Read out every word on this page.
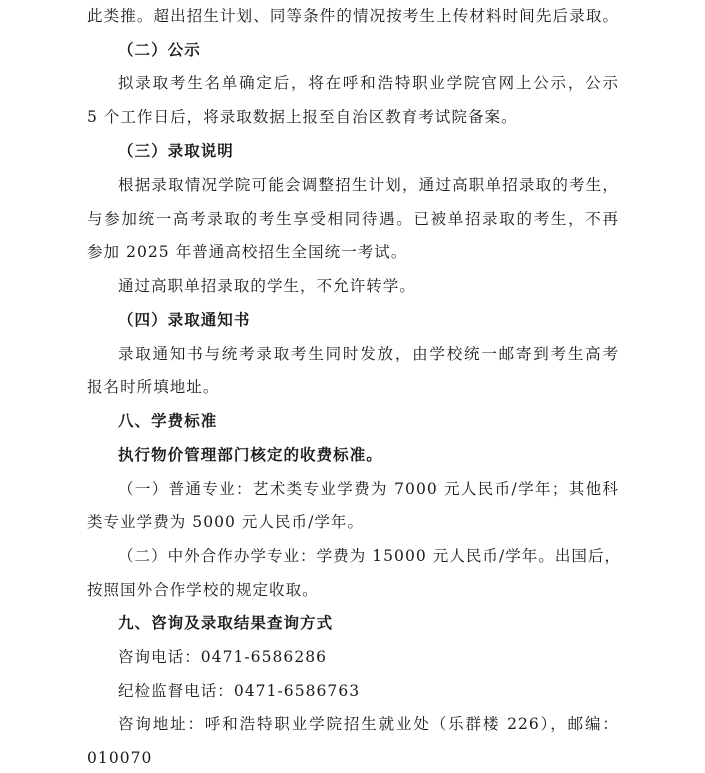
此类推。超出招生计划、同等条件的情况按考生上传材料时间先后录取。
（二）公示
拟录取考生名单确定后，将在呼和浩特职业学院官网上公示，公示
5 个工作日后，将录取数据上报至自治区教育考试院备案。
（三）录取说明
根据录取情况学院可能会调整招生计划，通过高职单招录取的考生，
与参加统一高考录取的考生享受相同待遇。已被单招录取的考生，不再
参加 2025 年普通高校招生全国统一考试。
通过高职单招录取的学生，不允许转学。
（四）录取通知书
录取通知书与统考录取考生同时发放，由学校统一邮寄到考生高考
报名时所填地址。
八、学费标准
执行物价管理部门核定的收费标准。
（一）普通专业：艺术类专业学费为 7000 元人民币/学年；其他科
类专业学费为 5000 元人民币/学年。
（二）中外合作办学专业：学费为 15000 元人民币/学年。出国后，
按照国外合作学校的规定收取。
九、咨询及录取结果查询方式
咨询电话：0471-6586286
纪检监督电话：0471-6586763
咨询地址：呼和浩特职业学院招生就业处（乐群楼 226），邮编：
010070
